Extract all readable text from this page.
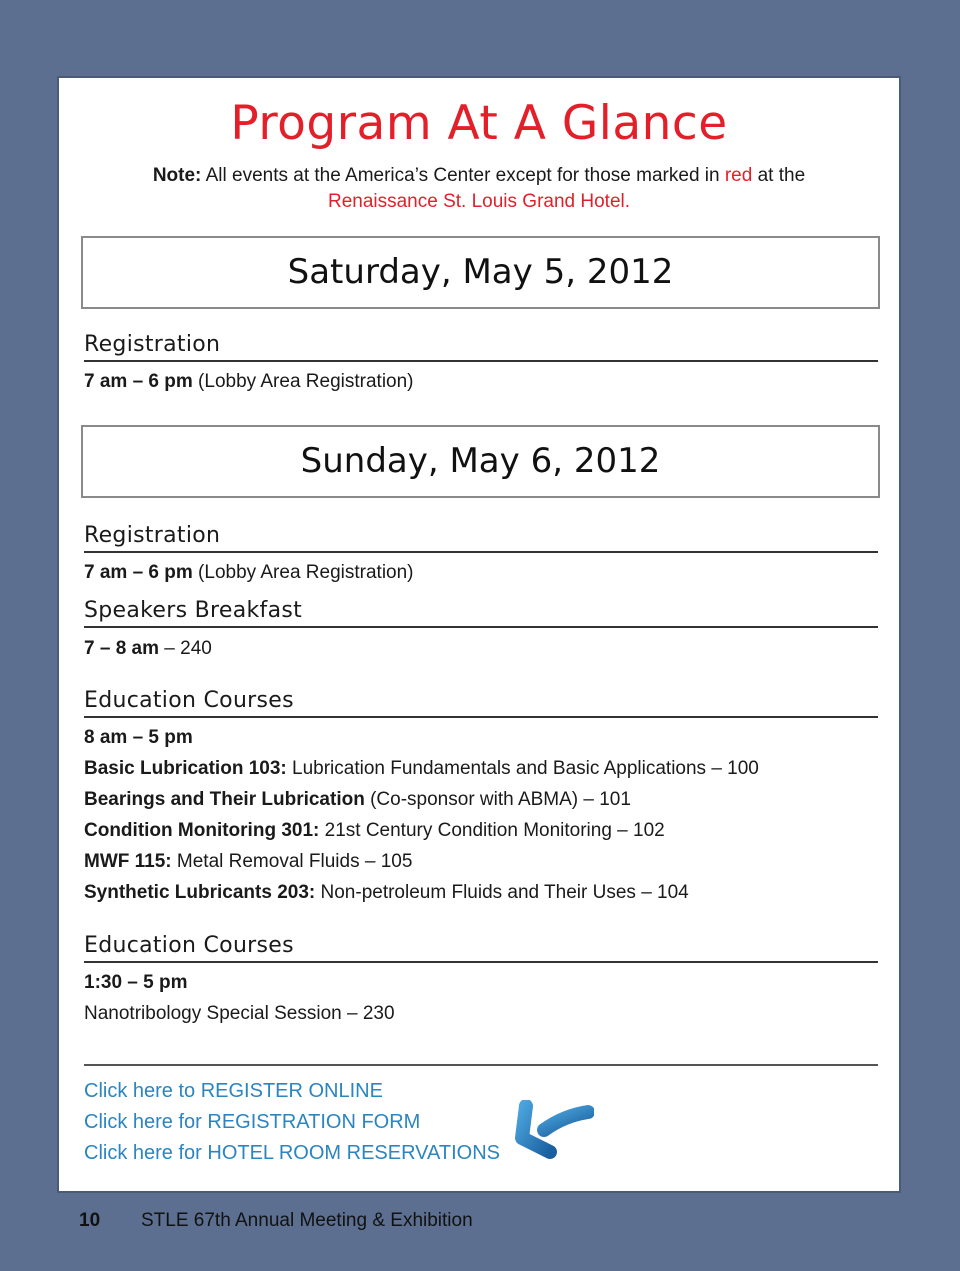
Program At A Glance
Note: All events at the America’s Center except for those marked in red at the
Renaissance St. Louis Grand Hotel.
Saturday, May 5, 2012
Registration
7 am – 6 pm (Lobby Area Registration)
Sunday, May 6, 2012
Registration
7 am – 6 pm (Lobby Area Registration)
Speakers Breakfast
7 – 8 am – 240
Education Courses
8 am – 5 pm
Basic Lubrication 103: Lubrication Fundamentals and Basic Applications – 100
Bearings and Their Lubrication (Co-sponsor with ABMA) – 101
Condition Monitoring 301: 21st Century Condition Monitoring – 102
MWF 115: Metal Removal Fluids – 105
Synthetic Lubricants 203: Non-petroleum Fluids and Their Uses – 104
Education Courses
1:30 – 5 pm
Nanotribology Special Session – 230
Click here to REGISTER ONLINE
Click here for REGISTRATION FORM
Click here for HOTEL ROOM RESERVATIONS
10 STLE 67th Annual Meeting & Exhibition
